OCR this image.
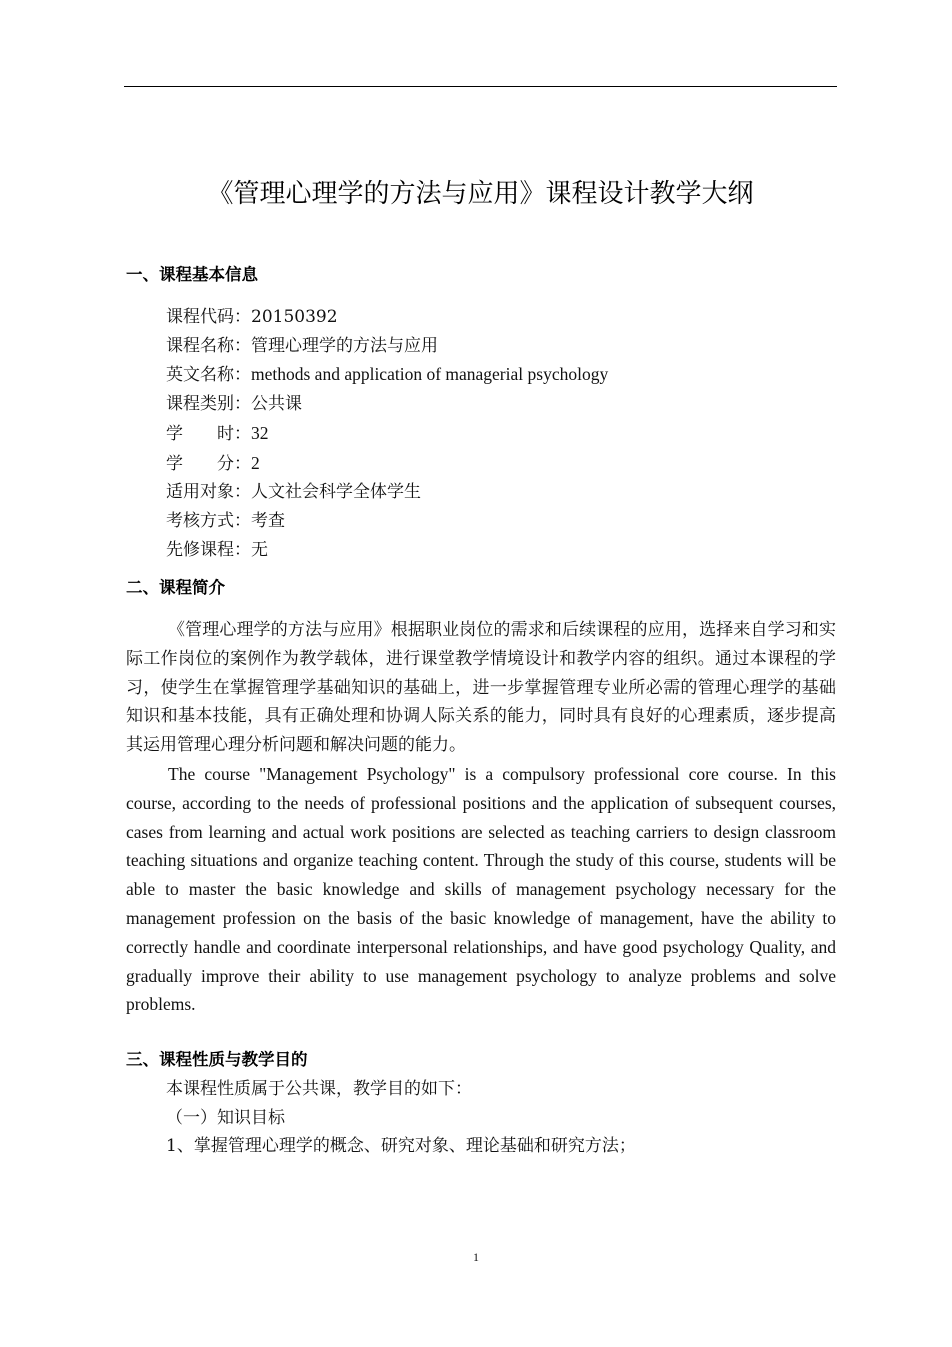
《管理心理学的方法与应用》课程设计教学大纲
一、课程基本信息
课程代码：20150392
课程名称：管理心理学的方法与应用
英文名称：methods and application of managerial psychology
课程类别：公共课
学　　时：32
学　　分：2
适用对象：人文社会科学全体学生
考核方式：考查
先修课程：无
二、课程简介

《管理心理学的方法与应用》根据职业岗位的需求和后续课程的应用，选择来自学习和实际工作岗位的案例作为教学载体，进行课堂教学情境设计和教学内容的组织。通过本课程的学习，使学生在掌握管理学基础知识的基础上，进一步掌握管理专业所必需的管理心理学的基础知识和基本技能，具有正确处理和协调人际关系的能力，同时具有良好的心理素质，逐步提高其运用管理心理分析问题和解决问题的能力。

The course "Management Psychology" is a compulsory professional core course. In this course, according to the needs of professional positions and the application of subsequent courses, cases from learning and actual work positions are selected as teaching carriers to design classroom teaching situations and organize teaching content. Through the study of this course, students will be able to master the basic knowledge and skills of management psychology necessary for the management profession on the basis of the basic knowledge of management, have the ability to correctly handle and coordinate interpersonal relationships, and have good psychology Quality, and gradually improve their ability to use management psychology to analyze problems and solve problems.

三、课程性质与教学目的
本课程性质属于公共课，教学目的如下：
（一）知识目标
1、掌握管理心理学的概念、研究对象、理论基础和研究方法；
1
